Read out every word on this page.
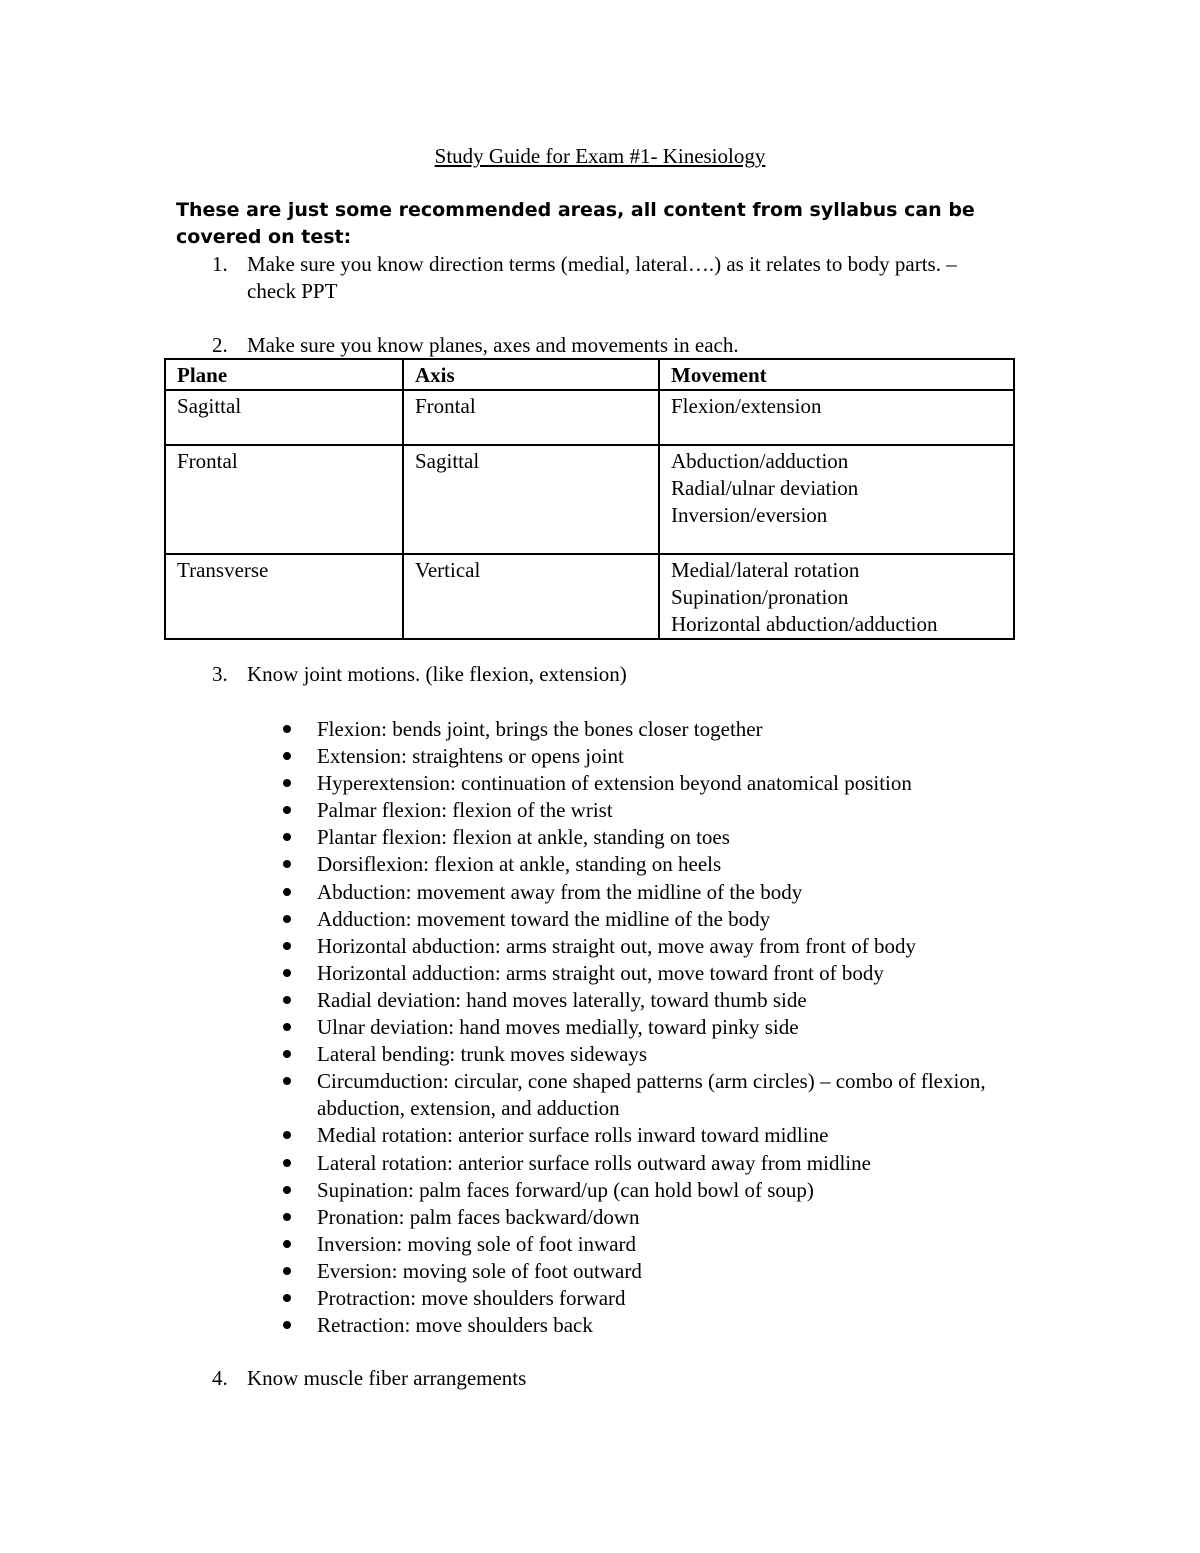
Study Guide for Exam #1- Kinesiology
These are just some recommended areas, all content from syllabus can be covered on test:
1. Make sure you know direction terms (medial, lateral….) as it relates to body parts. – check PPT
2. Make sure you know planes, axes and movements in each.
Plane	Axis	Movement
Sagittal	Frontal	Flexion/extension

Frontal	Sagittal	Abduction/adduction
Radial/ulnar deviation
Inversion/eversion

Transverse	Vertical	Medial/lateral rotation
Supination/pronation
Horizontal abduction/adduction
3. Know joint motions. (like flexion, extension)
Flexion: bends joint, brings the bones closer together
Extension: straightens or opens joint
Hyperextension: continuation of extension beyond anatomical position
Palmar flexion: flexion of the wrist
Plantar flexion: flexion at ankle, standing on toes
Dorsiflexion: flexion at ankle, standing on heels
Abduction: movement away from the midline of the body
Adduction: movement toward the midline of the body
Horizontal abduction: arms straight out, move away from front of body
Horizontal adduction: arms straight out, move toward front of body
Radial deviation: hand moves laterally, toward thumb side
Ulnar deviation: hand moves medially, toward pinky side
Lateral bending: trunk moves sideways
Circumduction: circular, cone shaped patterns (arm circles) – combo of flexion, abduction, extension, and adduction
Medial rotation: anterior surface rolls inward toward midline
Lateral rotation: anterior surface rolls outward away from midline
Supination: palm faces forward/up (can hold bowl of soup)
Pronation: palm faces backward/down
Inversion: moving sole of foot inward
Eversion: moving sole of foot outward
Protraction: move shoulders forward
Retraction: move shoulders back
4. Know muscle fiber arrangements
